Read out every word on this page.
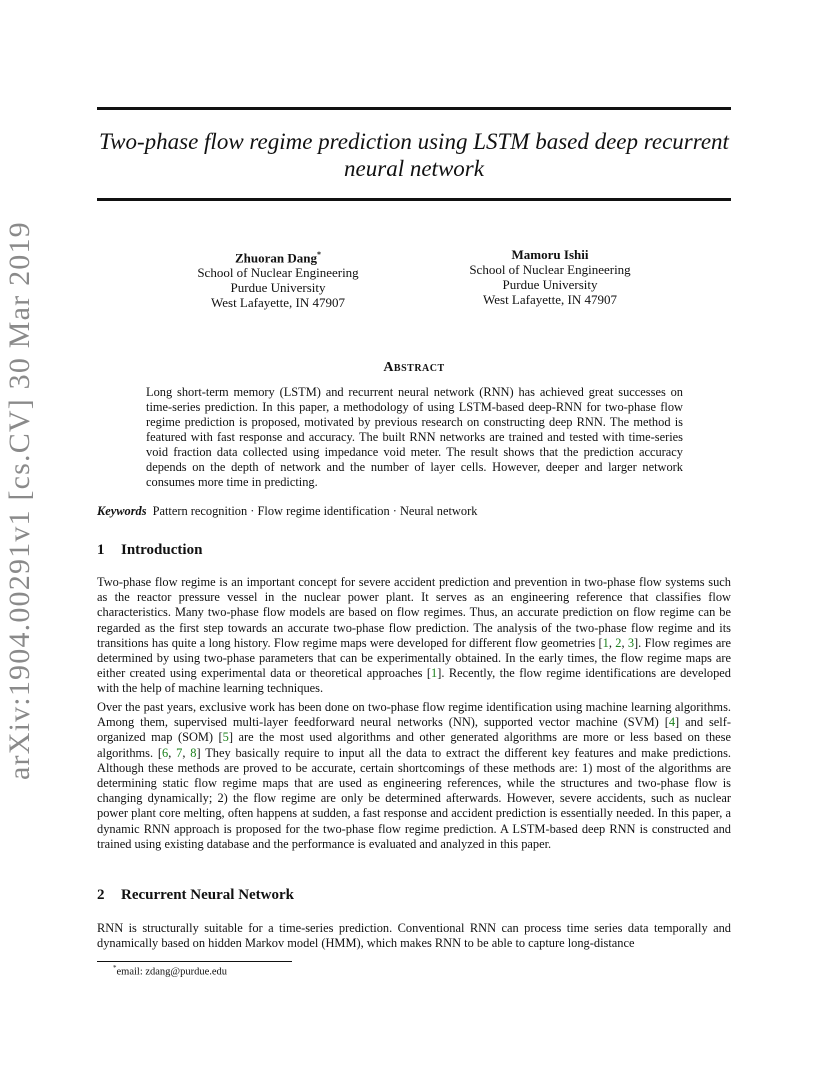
arXiv:1904.00291v1 [cs.CV] 30 Mar 2019
Two-phase flow regime prediction using LSTM based deep recurrent
neural network
Zhuoran Dang*
School of Nuclear Engineering
Purdue University
West Lafayette, IN 47907
Mamoru Ishii
School of Nuclear Engineering
Purdue University
West Lafayette, IN 47907
Abstract

Long short-term memory (LSTM) and recurrent neural network (RNN) has achieved great successes on time-series prediction. In this paper, a methodology of using LSTM-based deep-RNN for two-phase flow regime prediction is proposed, motivated by previous research on constructing deep RNN. The method is featured with fast response and accuracy. The built RNN networks are trained and tested with time-series void fraction data collected using impedance void meter. The result shows that the prediction accuracy depends on the depth of network and the number of layer cells. However, deeper and larger network consumes more time in predicting.

Keywords Pattern recognition · Flow regime identification · Neural network
1 Introduction

Two-phase flow regime is an important concept for severe accident prediction and prevention in two-phase flow systems such as the reactor pressure vessel in the nuclear power plant. It serves as an engineering reference that classifies flow characteristics. Many two-phase flow models are based on flow regimes. Thus, an accurate prediction on flow regime can be regarded as the first step towards an accurate two-phase flow prediction. The analysis of the two-phase flow regime and its transitions has quite a long history. Flow regime maps were developed for different flow geometries [1, 2, 3]. Flow regimes are determined by using two-phase parameters that can be experimentally obtained. In the early times, the flow regime maps are either created using experimental data or theoretical approaches [1]. Recently, the flow regime identifications are developed with the help of machine learning techniques.

Over the past years, exclusive work has been done on two-phase flow regime identification using machine learning algorithms. Among them, supervised multi-layer feedforward neural networks (NN), supported vector machine (SVM) [4] and self-organized map (SOM) [5] are the most used algorithms and other generated algorithms are more or less based on these algorithms. [6, 7, 8] They basically require to input all the data to extract the different key features and make predictions. Although these methods are proved to be accurate, certain shortcomings of these methods are: 1) most of the algorithms are determining static flow regime maps that are used as engineering references, while the structures and two-phase flow is changing dynamically; 2) the flow regime are only be determined afterwards. However, severe accidents, such as nuclear power plant core melting, often happens at sudden, a fast response and accident prediction is essentially needed. In this paper, a dynamic RNN approach is proposed for the two-phase flow regime prediction. A LSTM-based deep RNN is constructed and trained using existing database and the performance is evaluated and analyzed in this paper.

2 Recurrent Neural Network

RNN is structurally suitable for a time-series prediction. Conventional RNN can process time series data temporally and dynamically based on hidden Markov model (HMM), which makes RNN to be able to capture long-distance

*email: zdang@purdue.edu
